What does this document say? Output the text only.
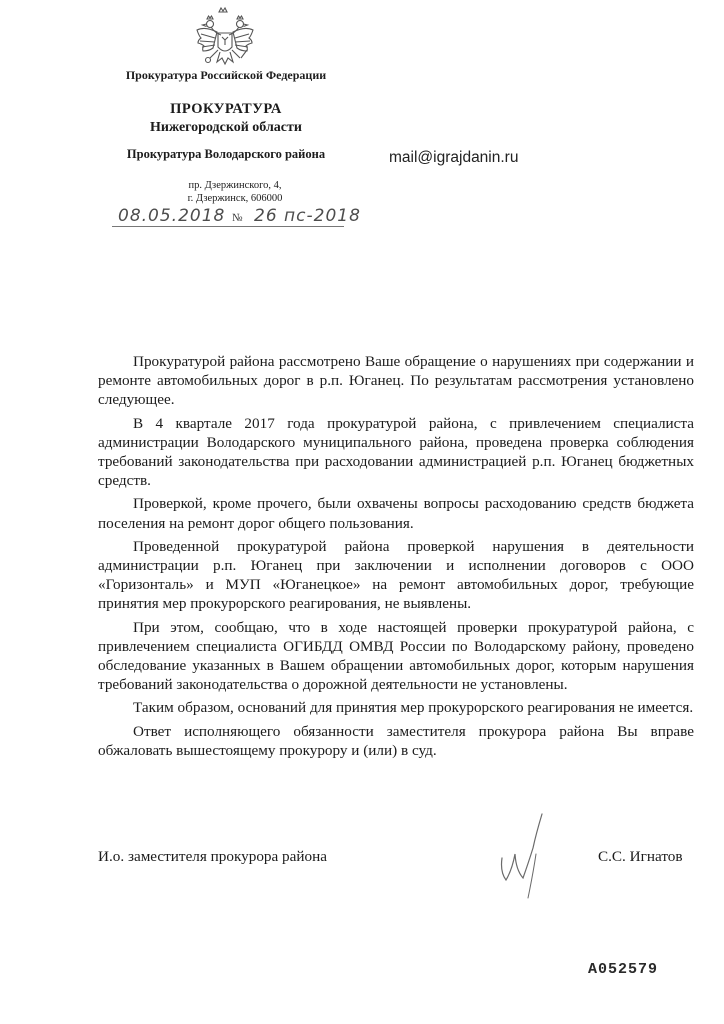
Прокуратура Российской Федерации
ПРОКУРАТУРА
Нижегородской области
Прокуратура Володарского района
пр. Дзержинского, 4,
г. Дзержинск, 606000
08.05.2018 № 26 пс-2018
mail@igrajdanin.ru

Прокуратурой района рассмотрено Ваше обращение о нарушениях при содержании и ремонте автомобильных дорог в р.п. Юганец. По результатам рассмотрения установлено следующее.

В 4 квартале 2017 года прокуратурой района, с привлечением специалиста администрации Володарского муниципального района, проведена проверка соблюдения требований законодательства при расходовании администрацией р.п. Юганец бюджетных средств.

Проверкой, кроме прочего, были охвачены вопросы расходованию средств бюджета поселения на ремонт дорог общего пользования.

Проведенной прокуратурой района проверкой нарушения в деятельности администрации р.п. Юганец при заключении и исполнении договоров с ООО «Горизонталь» и МУП «Юганецкое» на ремонт автомобильных дорог, требующие принятия мер прокурорского реагирования, не выявлены.

При этом, сообщаю, что в ходе настоящей проверки прокуратурой района, с привлечением специалиста ОГИБДД ОМВД России по Володарскому району, проведено обследование указанных в Вашем обращении автомобильных дорог, которым нарушения требований законодательства о дорожной деятельности не установлены.

Таким образом, оснований для принятия мер прокурорского реагирования не имеется.

Ответ исполняющего обязанности заместителя прокурора района Вы вправе обжаловать вышестоящему прокурору и (или) в суд.

И.о. заместителя прокурора района	С.С. Игнатов
А052579
